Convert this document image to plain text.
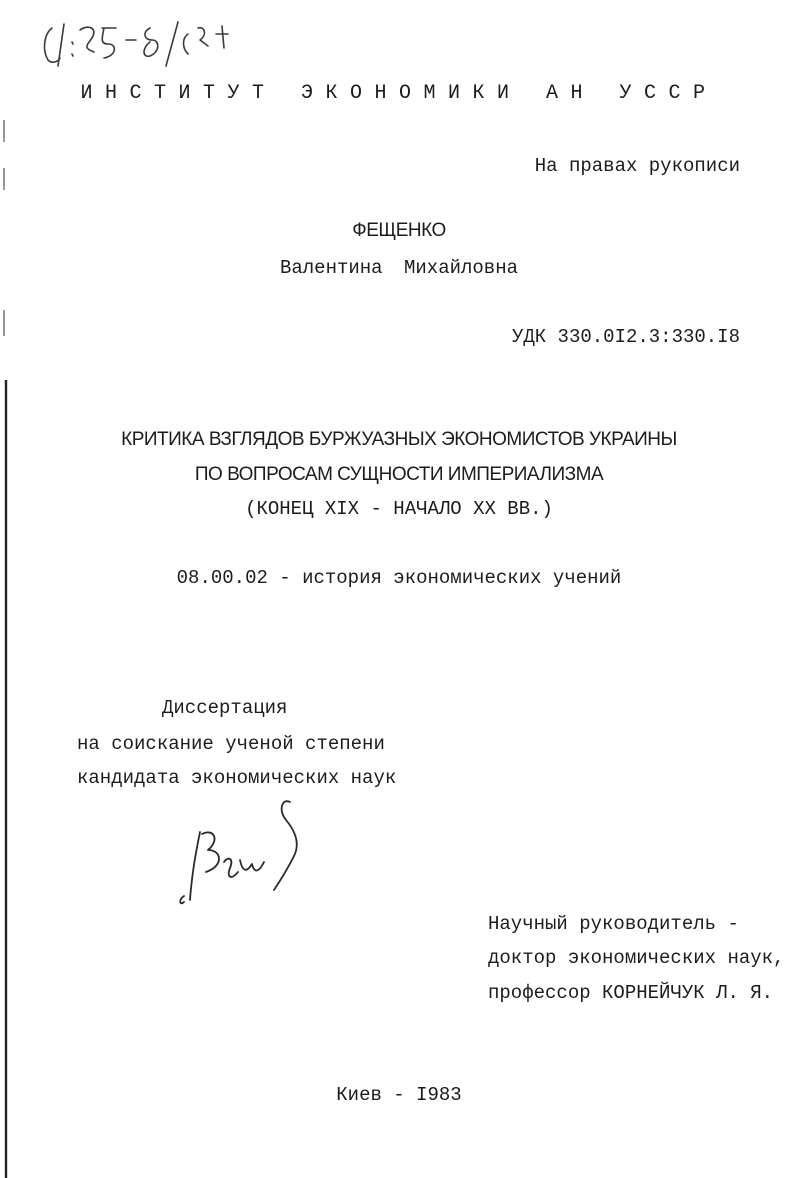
ИНСТИТУТ ЭКОНОМИКИ АН УССР
На правах рукописи
ФЕЩЕНКО
Валентина Михайловна
УДК 330.0I2.3:330.I8
КРИТИКА ВЗГЛЯДОВ БУРЖУАЗНЫХ ЭКОНОМИСТОВ УКРАИНЫ
ПО ВОПРОСАМ СУЩНОСТИ ИМПЕРИАЛИЗМА
(КОНЕЦ XIX - НАЧАЛО XX ВВ.)
08.00.02 - история экономических учений
Диссертация
на соискание ученой степени
кандидата экономических наук
Научный руководитель -
доктор экономических наук,
профессор КОРНЕЙЧУК Л. Я.
Киев - I983
